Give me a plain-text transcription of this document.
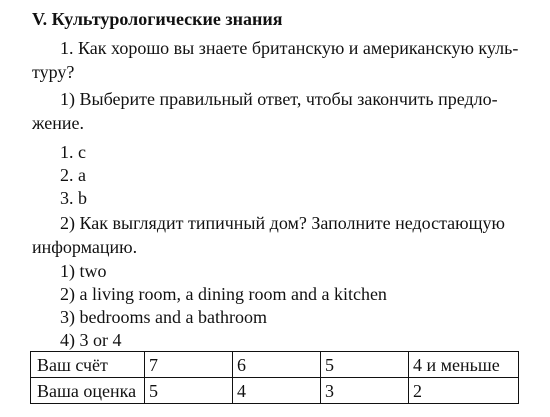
V. Культурологические знания
1. Как хорошо вы знаете британскую и американскую куль-
туру?
1) Выберите правильный ответ, чтобы закончить предло-
жение.
1. c
2. a
3. b
2) Как выглядит типичный дом? Заполните недостающую
информацию.
1) two
2) a living room, a dining room and a kitchen
3) bedrooms and a bathroom
4) 3 or 4
Ваш счёт	7	6	5	4 и меньше
Ваша оценка	5	4	3	2
